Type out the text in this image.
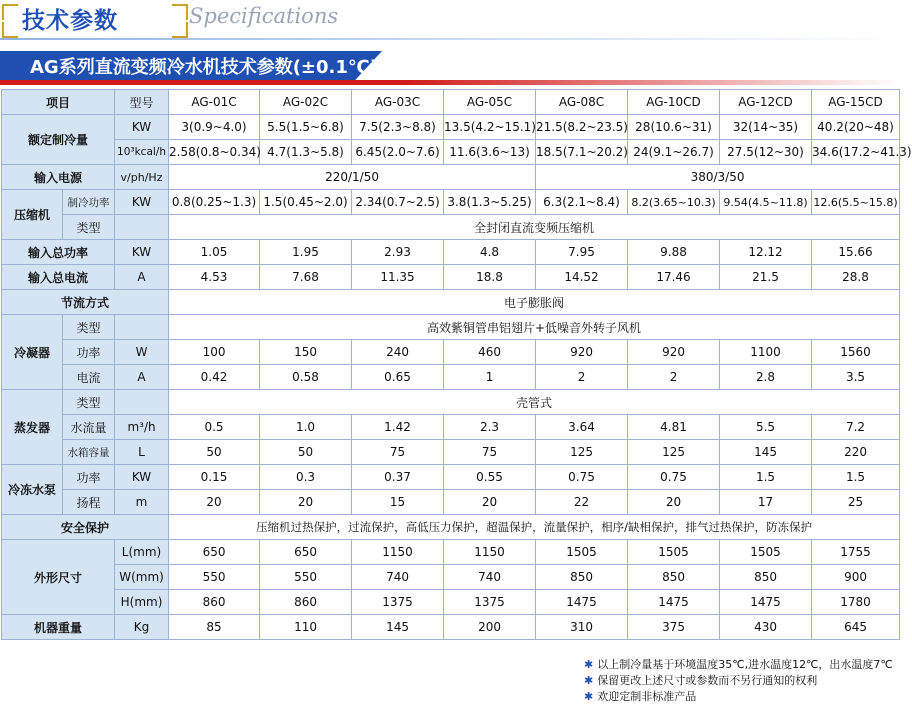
技术参数	Specifications
AG系列直流变频冷水机技术参数(±0.1℃)
项目		型号	AG-01C	AG-02C	AG-03C	AG-05C	AG-08C	AG-10CD	AG-12CD	AG-15CD
额定制冷量		KW	3(0.9~4.0)	5.5(1.5~6.8)	7.5(2.3~8.8)	13.5(4.2~15.1)	21.5(8.2~23.5)	28(10.6~31)	32(14~35)	40.2(20~48)
		10³kcal/h	2.58(0.8~0.34)	4.7(1.3~5.8)	6.45(2.0~7.6)	11.6(3.6~13)	18.5(7.1~20.2)	24(9.1~26.7)	27.5(12~30)	34.6(17.2~41.3)
输入电源		v/ph/Hz	220/1/50				380/3/50			
压缩机	制冷功率	KW	0.8(0.25~1.3)	1.5(0.45~2.0)	2.34(0.7~2.5)	3.8(1.3~5.25)	6.3(2.1~8.4)	8.2(3.65~10.3)	9.54(4.5~11.8)	12.6(5.5~15.8)
	类型		全封闭直流变频压缩机							
输入总功率		KW	1.05	1.95	2.93	4.8	7.95	9.88	12.12	15.66
输入总电流		A	4.53	7.68	11.35	18.8	14.52	17.46	21.5	28.8
节流方式			电子膨胀阀							
冷凝器	类型		高效紫铜管串铝翅片+低噪音外转子风机							
	功率	W	100	150	240	460	920	920	1100	1560
	电流	A	0.42	0.58	0.65	1	2	2	2.8	3.5
蒸发器	类型		壳管式							
	水流量	m³/h	0.5	1.0	1.42	2.3	3.64	4.81	5.5	7.2
	水箱容量	L	50	50	75	75	125	125	145	220
冷冻水泵	功率	KW	0.15	0.3	0.37	0.55	0.75	0.75	1.5	1.5
	扬程	m	20	20	15	20	22	20	17	25
安全保护			压缩机过热保护，过流保护，高低压力保护，超温保护，流量保护，相序/缺相保护，排气过热保护，防冻保护							
外形尺寸		L(mm)	650	650	1150	1150	1505	1505	1505	1755
		W(mm)	550	550	740	740	850	850	850	900
		H(mm)	860	860	1375	1375	1475	1475	1475	1780
机器重量		Kg	85	110	145	200	310	375	430	645
✱ 以上制冷量基于环境温度35℃,进水温度12℃，出水温度7℃
✱ 保留更改上述尺寸或参数而不另行通知的权利
✱ 欢迎定制非标准产品
